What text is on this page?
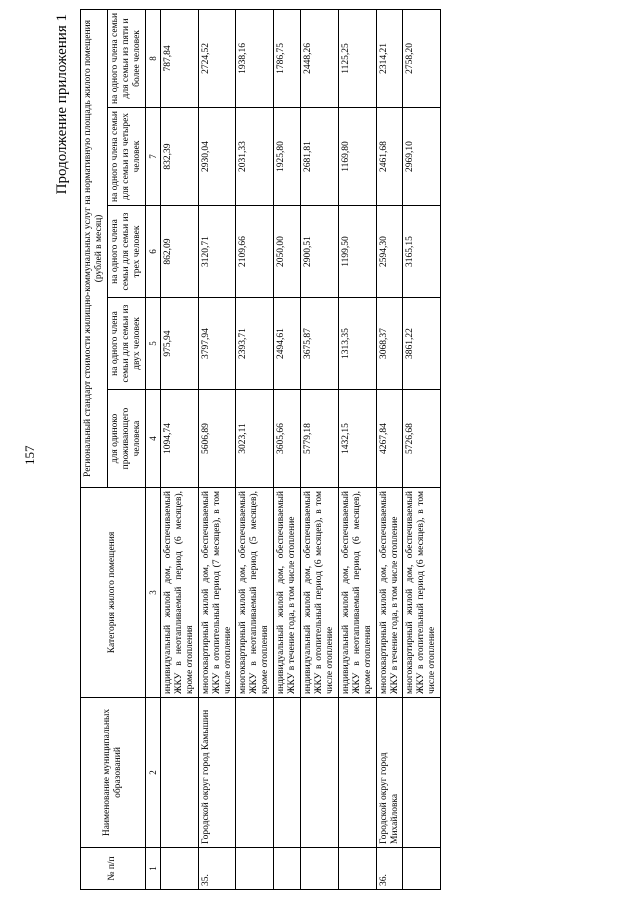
157
Продолжение приложения 1
№ п/п	Наименование муниципальных образований	Категория жилого помещения	Региональный стандарт стоимости жилищно-коммунальных услуг на нормативную площадь жилого помещения (рублей в месяц)				
			для одиноко проживающего человека	на одного члена семьи для семьи из двух человек	на одного члена семьи для семьи из трех человек	на одного члена семьи для семьи из четырех человек	на одного члена семьи для семьи из пяти и более человек
1	2	3	4	5	6	7	8
		индивидуальный жилой дом, обеспечиваемый ЖКУ в неотапливаемый период (6 месяцев), кроме отопления	1094,74	975,94	862,09	832,39	787,84
35.	Городской округ город Камышин	многоквартирный жилой дом, обеспечиваемый ЖКУ в отопительный период (7 месяцев), в том числе отопление	5606,89	3797,94	3120,71	2930,04	2724,52
		многоквартирный жилой дом, обеспечиваемый ЖКУ в неотапливаемый период (5 месяцев), кроме отопления	3023,11	2393,71	2109,66	2031,33	1938,16
		индивидуальный жилой дом, обеспечиваемый ЖКУ в течение года, в том числе отопление	3605,66	2494,61	2050,00	1925,80	1786,75
		индивидуальный жилой дом, обеспечиваемый ЖКУ в отопительный период (6 месяцев), в том числе отопление	5779,18	3675,87	2900,51	2681,81	2448,26
		индивидуальный жилой дом, обеспечиваемый ЖКУ в неотапливаемый период (6 месяцев), кроме отопления	1432,15	1313,35	1199,50	1169,80	1125,25
36.	Городской округ город Михайловка	многоквартирный жилой дом, обеспечиваемый ЖКУ в течение года, в том числе отопление	4267,84	3068,37	2594,30	2461,68	2314,21
		многоквартирный жилой дом, обеспечиваемый ЖКУ в отопительный период (6 месяцев), в том числе отопление	5726,68	3861,22	3165,15	2969,10	2758,20
